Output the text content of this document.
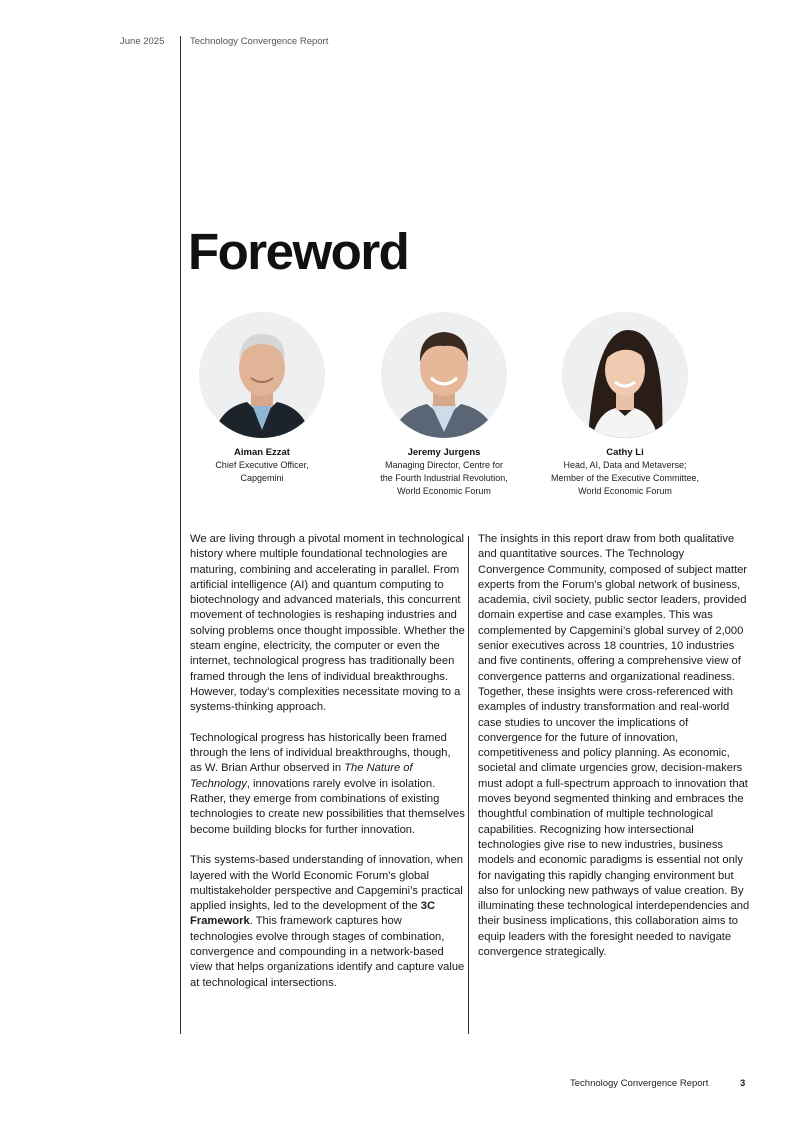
June 2025	Technology Convergence Report
Foreword
Aiman Ezzat
Chief Executive Officer,
Capgemini
Jeremy Jurgens
Managing Director, Centre for
the Fourth Industrial Revolution,
World Economic Forum
Cathy Li
Head, AI, Data and Metaverse;
Member of the Executive Committee,
World Economic Forum

We are living through a pivotal moment in technological history where multiple foundational technologies are maturing, combining and accelerating in parallel. From artificial intelligence (AI) and quantum computing to biotechnology and advanced materials, this concurrent movement of technologies is reshaping industries and solving problems once thought impossible. Whether the steam engine, electricity, the computer or even the internet, technological progress has traditionally been framed through the lens of individual breakthroughs. However, today’s complexities necessitate moving to a systems-thinking approach.

Technological progress has historically been framed through the lens of individual breakthroughs, though, as W. Brian Arthur observed in The Nature of Technology, innovations rarely evolve in isolation. Rather, they emerge from combinations of existing technologies to create new possibilities that themselves become building blocks for further innovation.

This systems-based understanding of innovation, when layered with the World Economic Forum’s global multistakeholder perspective and Capgemini’s practical applied insights, led to the development of the 3C Framework. This framework captures how technologies evolve through stages of combination, convergence and compounding in a network-based view that helps organizations identify and capture value at technological intersections.

The insights in this report draw from both qualitative and quantitative sources. The Technology Convergence Community, composed of subject matter experts from the Forum’s global network of business, academia, civil society, public sector leaders, provided domain expertise and case examples. This was complemented by Capgemini’s global survey of 2,000 senior executives across 18 countries, 10 industries and five continents, offering a comprehensive view of convergence patterns and organizational readiness. Together, these insights were cross-referenced with examples of industry transformation and real-world case studies to uncover the implications of convergence for the future of innovation, competitiveness and policy planning. As economic, societal and climate urgencies grow, decision-makers must adopt a full-spectrum approach to innovation that moves beyond segmented thinking and embraces the thoughtful combination of multiple technological capabilities. Recognizing how intersectional technologies give rise to new industries, business models and economic paradigms is essential not only for navigating this rapidly changing environment but also for unlocking new pathways of value creation. By illuminating these technological interdependencies and their business implications, this collaboration aims to equip leaders with the foresight needed to navigate convergence strategically.

Technology Convergence Report	3
